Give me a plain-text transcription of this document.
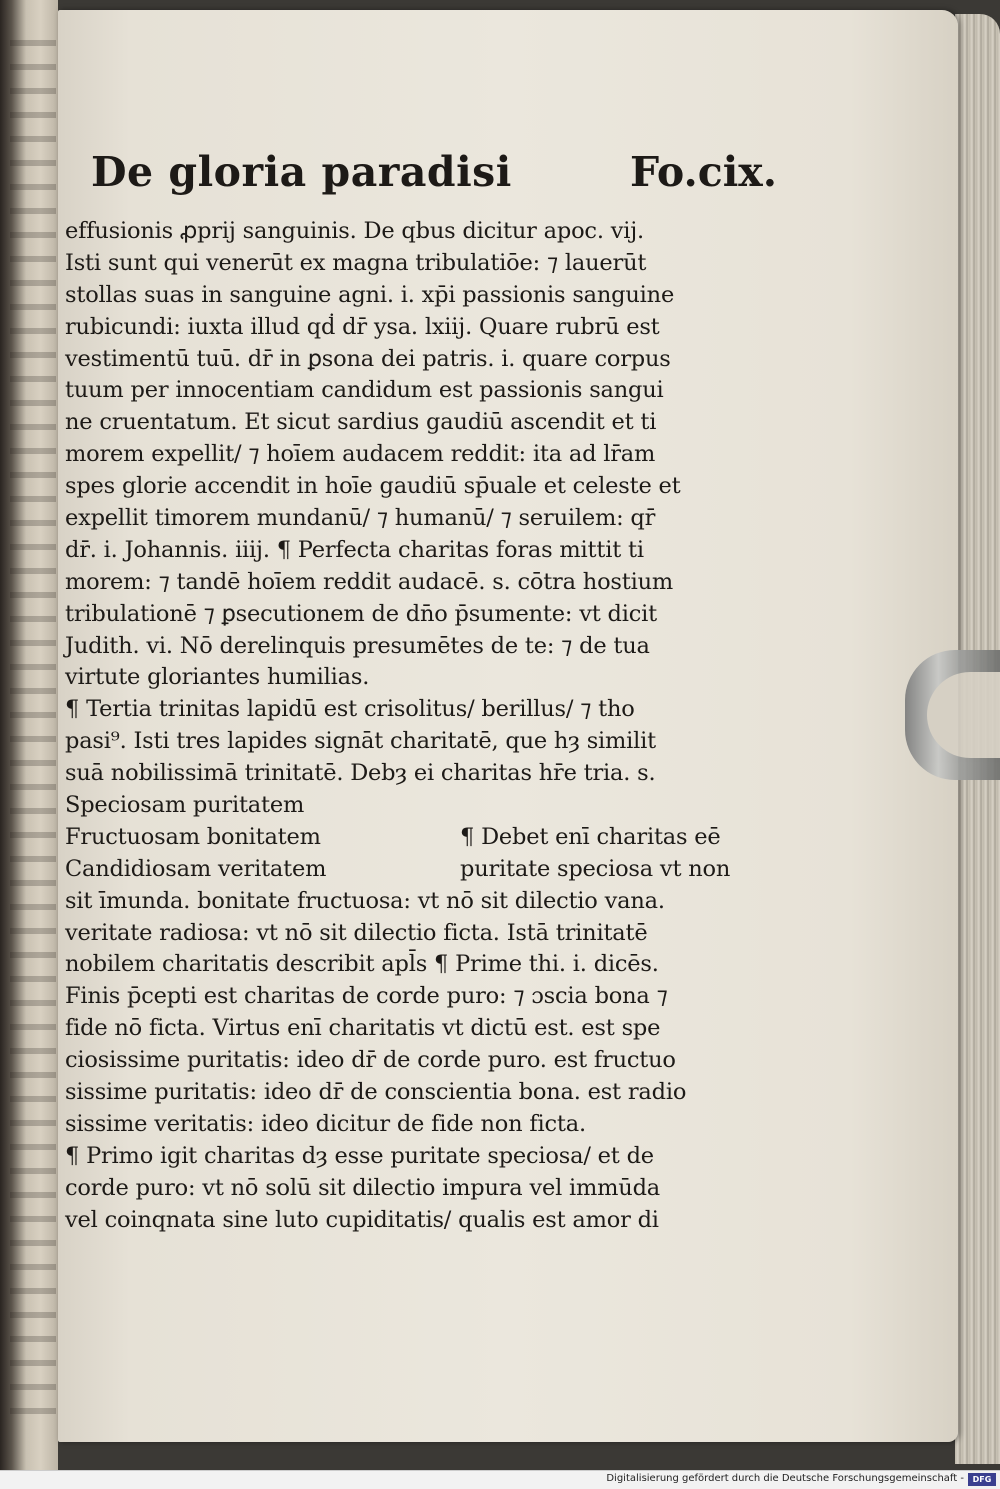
De gloria paradisi	Fo.cix.
effusionis ꝓprij sanguinis. De qbus dicitur apoc. vij.
Isti sunt qui venerūt ex magna tribulatiōe: ⁊ lauerūt
stollas suas in sanguine agni. i. xp̄i passionis sanguine
rubicundi: iuxta illud qḋ dr̄ ysa. lxiij. Quare rubrū est
vestimentū tuū. dr̄ in ꝑsona dei patris. i. quare corpus
tuum per innocentiam candidum est passionis sangui
ne cruentatum. Et sicut sardius gaudiū ascendit et ti
morem expellit/ ⁊ hoīem audacem reddit: ita ad lr̄am
spes glorie accendit in hoīe gaudiū sp̄uale et celeste et
expellit timorem mundanū/ ⁊ humanū/ ⁊ seruilem: qr̄
dr̄. i. Johannis. iiij. ¶ Perfecta charitas foras mittit ti
morem: ⁊ tandē hoīem reddit audacē. s. cōtra hostium
tribulationē ⁊ ꝑsecutionem de dn̄o p̄sumente: vt dicit
Judith. vi. Nō derelinquis presumētes de te: ⁊ de tua
virtute gloriantes humilias.
¶ Tertia trinitas lapidū est crisolitus/ berillus/ ⁊ tho
pasi⁹. Isti tres lapides signāt charitatē, que hȝ similit
suā nobilissimā trinitatē. Debȝ ei charitas hr̄e tria. s.
Speciosam puritatem
Fructuosam bonitatem	¶ Debet enī charitas eē
Candidiosam veritatem	puritate speciosa vt non
sit īmunda. bonitate fructuosa: vt nō sit dilectio vana.
veritate radiosa: vt nō sit dilectio ficta. Istā trinitatē
nobilem charitatis describit apl̄s ¶ Prime thi. i. dicēs.
Finis p̄cepti est charitas de corde puro: ⁊ ɔscia bona ⁊
fide nō ficta. Virtus enī charitatis vt dictū est. est spe
ciosissime puritatis: ideo dr̄ de corde puro. est fructuo
sissime puritatis: ideo dr̄ de conscientia bona. est radio
sissime veritatis: ideo dicitur de fide non ficta.
¶ Primo igit charitas dȝ esse puritate speciosa/ et de
corde puro: vt nō solū sit dilectio impura vel immūda
vel coinqnata sine luto cupiditatis/ qualis est amor di
Digitalisierung gefördert durch die Deutsche Forschungsgemeinschaft -	DFG
